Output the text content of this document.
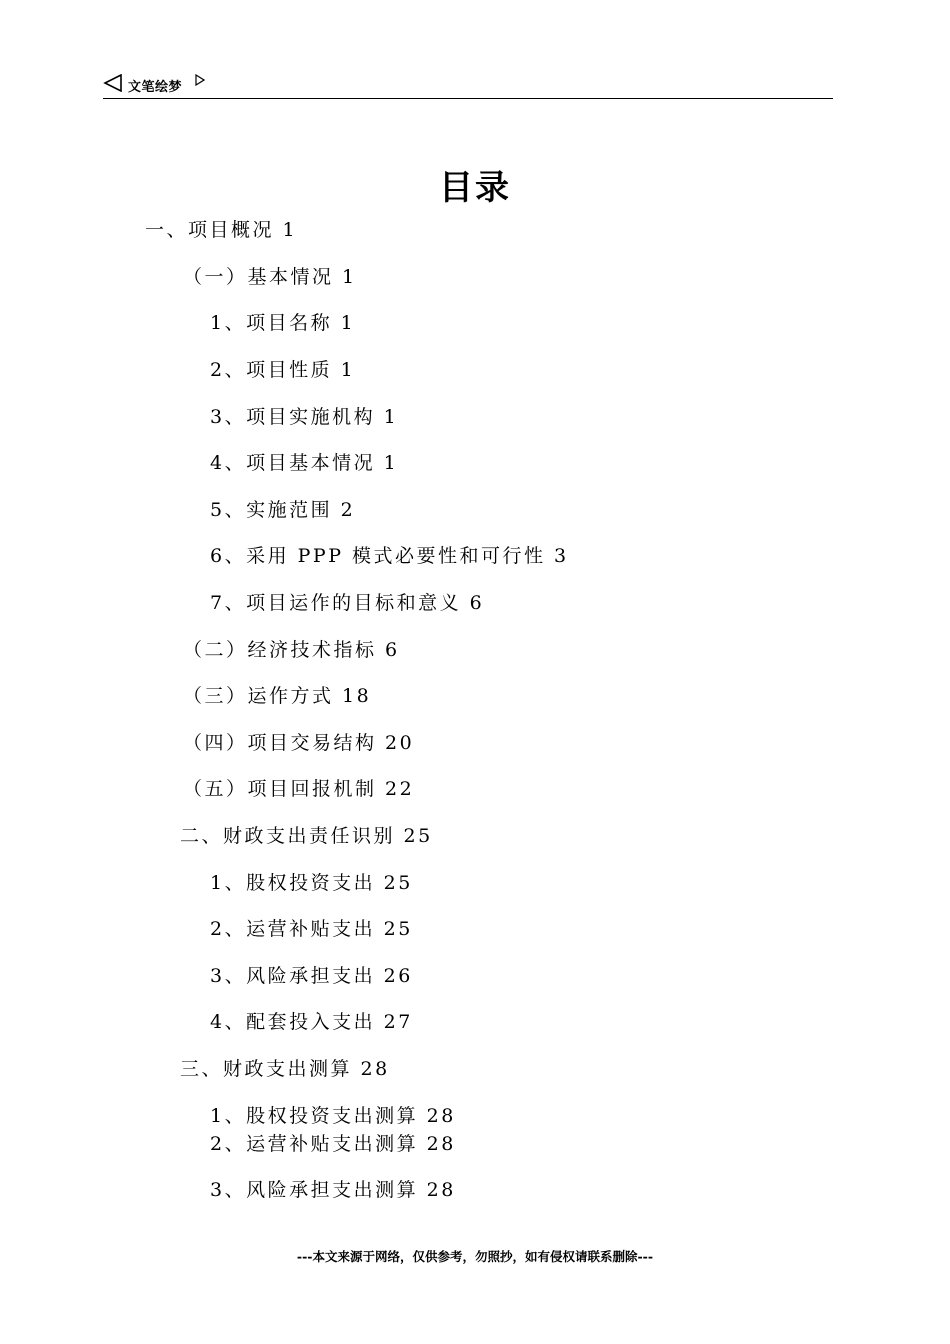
文笔绘梦
目录
一、项目概况 1
（一）基本情况 1
1、项目名称 1
2、项目性质 1
3、项目实施机构 1
4、项目基本情况 1
5、实施范围 2
6、采用 PPP 模式必要性和可行性 3
7、项目运作的目标和意义 6
（二）经济技术指标 6
（三）运作方式 18
（四）项目交易结构 20
（五）项目回报机制 22
二、财政支出责任识别 25
1、股权投资支出 25
2、运营补贴支出 25
3、风险承担支出 26
4、配套投入支出 27
三、财政支出测算 28
1、股权投资支出测算 28
2、运营补贴支出测算 28
3、风险承担支出测算 28
---本文来源于网络，仅供参考，勿照抄，如有侵权请联系删除---
